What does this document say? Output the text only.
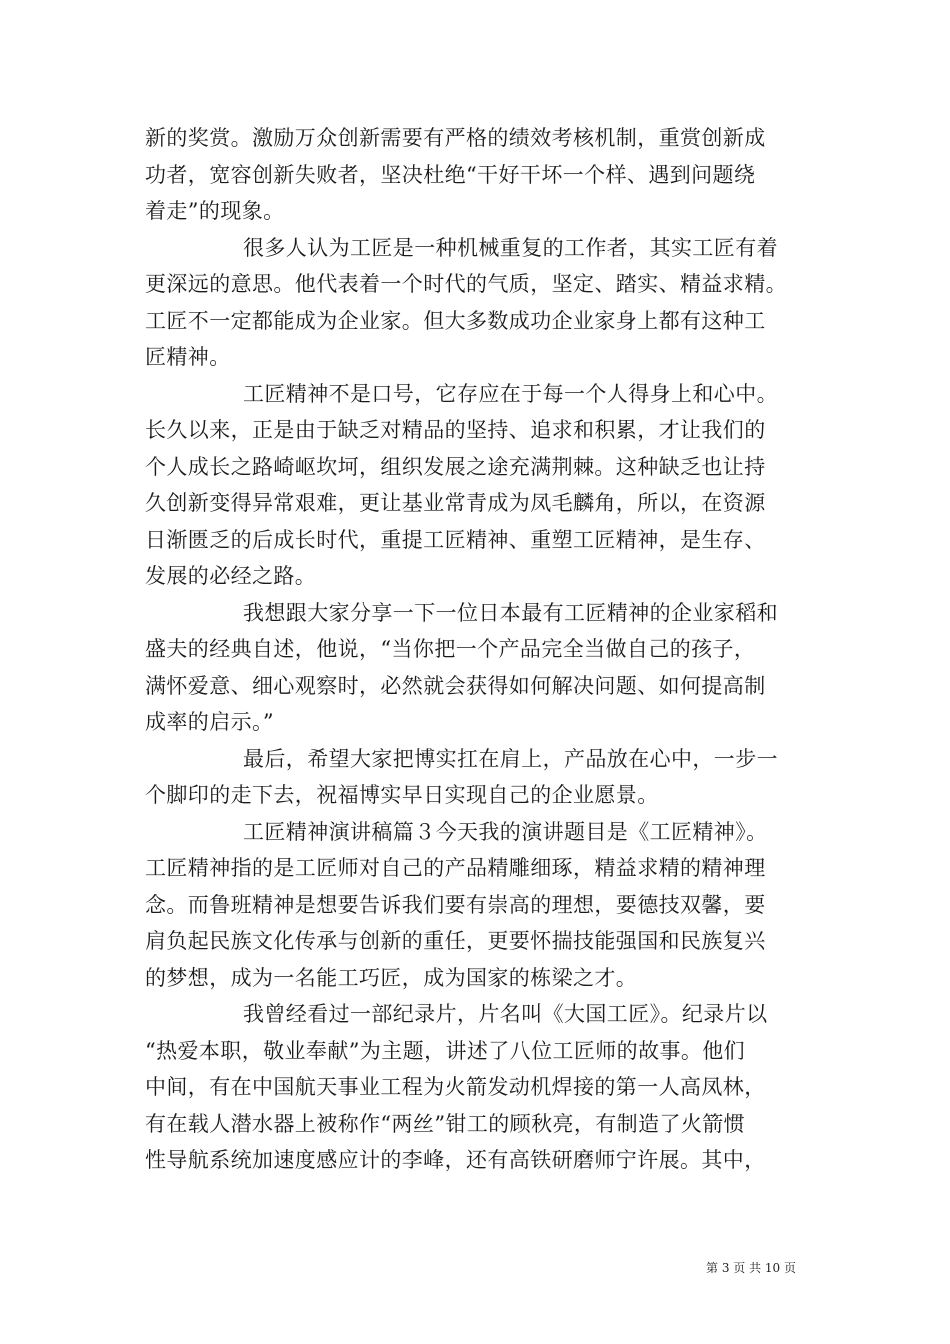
新的奖赏。激励万众创新需要有严格的绩效考核机制，重赏创新成
功者，宽容创新失败者，坚决杜绝“干好干坏一个样、遇到问题绕
着走”的现象。
很多人认为工匠是一种机械重复的工作者，其实工匠有着
更深远的意思。他代表着一个时代的气质，坚定、踏实、精益求精。
工匠不一定都能成为企业家。但大多数成功企业家身上都有这种工
匠精神。
工匠精神不是口号，它存应在于每一个人得身上和心中。
长久以来，正是由于缺乏对精品的坚持、追求和积累，才让我们的
个人成长之路崎岖坎坷，组织发展之途充满荆棘。这种缺乏也让持
久创新变得异常艰难，更让基业常青成为凤毛麟角，所以，在资源
日渐匮乏的后成长时代，重提工匠精神、重塑工匠精神，是生存、
发展的必经之路。
我想跟大家分享一下一位日本最有工匠精神的企业家稻和
盛夫的经典自述，他说，“当你把一个产品完全当做自己的孩子，
满怀爱意、细心观察时，必然就会获得如何解决问题、如何提高制
成率的启示。”
最后，希望大家把博实扛在肩上，产品放在心中，一步一
个脚印的走下去，祝福博实早日实现自己的企业愿景。
工匠精神演讲稿篇３今天我的演讲题目是《工匠精神》。
工匠精神指的是工匠师对自己的产品精雕细琢，精益求精的精神理
念。而鲁班精神是想要告诉我们要有崇高的理想，要德技双馨，要
肩负起民族文化传承与创新的重任，更要怀揣技能强国和民族复兴
的梦想，成为一名能工巧匠，成为国家的栋梁之才。
我曾经看过一部纪录片，片名叫《大国工匠》。纪录片以
“热爱本职，敬业奉献”为主题，讲述了八位工匠师的故事。他们
中间，有在中国航天事业工程为火箭发动机焊接的第一人高凤林，
有在载人潜水器上被称作“两丝”钳工的顾秋亮，有制造了火箭惯
性导航系统加速度感应计的李峰，还有高铁研磨师宁许展。其中，
第 3 页 共 10 页
